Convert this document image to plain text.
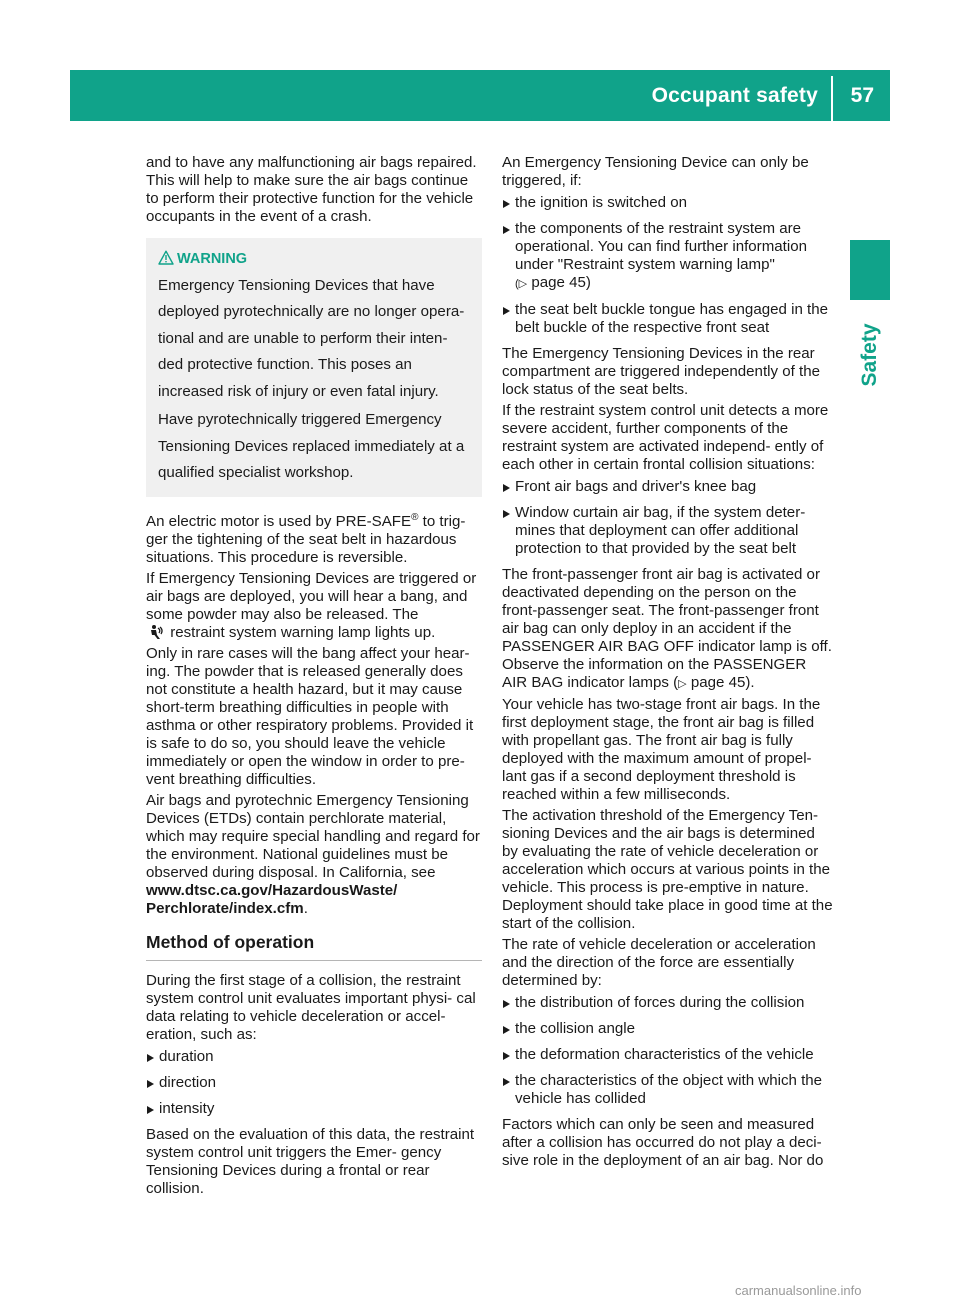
Occupant safety 57
Safety

and to have any malfunctioning air bags repaired. This will help to make sure the air bags continue to perform their protective function for the vehicle occupants in the event of a crash.

WARNING

Emergency Tensioning Devices that have deployed pyrotechnically are no longer opera- tional and are unable to perform their inten- ded protective function. This poses an increased risk of injury or even fatal injury.

Have pyrotechnically triggered Emergency Tensioning Devices replaced immediately at a qualified specialist workshop.

An electric motor is used by PRE-SAFE® to trig- ger the tightening of the seat belt in hazardous situations. This procedure is reversible.

If Emergency Tensioning Devices are triggered or air bags are deployed, you will hear a bang, and some powder may also be released. The
restraint system warning lamp lights up.

Only in rare cases will the bang affect your hear- ing. The powder that is released generally does not constitute a health hazard, but it may cause short-term breathing difficulties in people with asthma or other respiratory problems. Provided it is safe to do so, you should leave the vehicle immediately or open the window in order to pre- vent breathing difficulties.

Air bags and pyrotechnic Emergency Tensioning Devices (ETDs) contain perchlorate material, which may require special handling and regard for the environment. National guidelines must be observed during disposal. In California, see www.dtsc.ca.gov/HazardousWaste/ Perchlorate/index.cfm.

Method of operation

During the first stage of a collision, the restraint system control unit evaluates important physi- cal data relating to vehicle deceleration or accel- eration, such as:

duration
direction
intensity

Based on the evaluation of this data, the restraint system control unit triggers the Emer- gency Tensioning Devices during a frontal or rear collision.

An Emergency Tensioning Device can only be triggered, if:

the ignition is switched on
the components of the restraint system are operational. You can find further information under "Restraint system warning lamp"
(▷ page 45)
the seat belt buckle tongue has engaged in the belt buckle of the respective front seat

The Emergency Tensioning Devices in the rear compartment are triggered independently of the lock status of the seat belts.

If the restraint system control unit detects a more severe accident, further components of the restraint system are activated independ- ently of each other in certain frontal collision situations:

Front air bags and driver's knee bag
Window curtain air bag, if the system deter- mines that deployment can offer additional protection to that provided by the seat belt

The front-passenger front air bag is activated or deactivated depending on the person on the front-passenger seat. The front-passenger front air bag can only deploy in an accident if the PASSENGER AIR BAG OFF indicator lamp is off. Observe the information on the PASSENGER AIR BAG indicator lamps (▷ page 45).

Your vehicle has two-stage front air bags. In the first deployment stage, the front air bag is filled with propellant gas. The front air bag is fully deployed with the maximum amount of propel- lant gas if a second deployment threshold is reached within a few milliseconds.

The activation threshold of the Emergency Ten- sioning Devices and the air bags is determined by evaluating the rate of vehicle deceleration or acceleration which occurs at various points in the vehicle. This process is pre-emptive in nature. Deployment should take place in good time at the start of the collision.

The rate of vehicle deceleration or acceleration and the direction of the force are essentially determined by:

the distribution of forces during the collision
the collision angle
the deformation characteristics of the vehicle
the characteristics of the object with which the vehicle has collided

Factors which can only be seen and measured after a collision has occurred do not play a deci- sive role in the deployment of an air bag. Nor do

carmanualsonline.info
